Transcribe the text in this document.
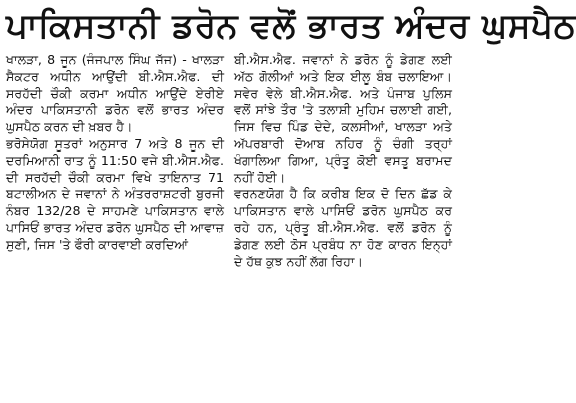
ਪਾਕਿਸਤਾਨੀ ਡਰੋਨ ਵਲੋਂ ਭਾਰਤ ਅੰਦਰ ਘੁਸਪੈਠ

ਖਾਲੜਾ, 8 ਜੂਨ (ਜੰਜਪਾਲ ਸਿੰਘ ਜੱਜ) - ਖਾਲੜਾ ਸੈਕਟਰ ਅਧੀਨ ਆਉਂਦੀ ਬੀ.ਐਸ.ਐਫ. ਦੀ ਸਰਹੱਦੀ ਚੌਕੀ ਕਰਮਾ ਅਧੀਨ ਆਉਂਦੇ ਏਰੀਏ ਅੰਦਰ ਪਾਕਿਸਤਾਨੀ ਡਰੋਨ ਵਲੋਂ ਭਾਰਤ ਅੰਦਰ ਘੁਸਪੈਠ ਕਰਨ ਦੀ ਖ਼ਬਰ ਹੈ।

ਭਰੋਸੇਯੋਗ ਸੂਤਰਾਂ ਅਨੁਸਾਰ 7 ਅਤੇ 8 ਜੂਨ ਦੀ ਦਰਮਿਆਨੀ ਰਾਤ ਨੂੰ 11:50 ਵਜੇ ਬੀ.ਐਸ.ਐਫ. ਦੀ ਸਰਹੱਦੀ ਚੌਕੀ ਕਰਮਾ ਵਿਖੇ ਤਾਇਨਾਤ 71 ਬਟਾਲੀਅਨ ਦੇ ਜਵਾਨਾਂ ਨੇ ਅੰਤਰਰਾਸ਼ਟਰੀ ਬੁਰਜੀ ਨੰਬਰ 132/28 ਦੇ ਸਾਹਮਣੇ ਪਾਕਿਸਤਾਨ ਵਾਲੇ ਪਾਸਿਓਂ ਭਾਰਤ ਅੰਦਰ ਡਰੋਨ ਘੁਸਪੈਠ ਦੀ ਆਵਾਜ਼ ਸੁਣੀ, ਜਿਸ 'ਤੇ ਫੌਰੀ ਕਾਰਵਾਈ ਕਰਦਿਆਂ

ਬੀ.ਐਸ.ਐਫ. ਜਵਾਨਾਂ ਨੇ ਡਰੋਨ ਨੂੰ ਡੇਗਣ ਲਈ ਅੱਠ ਗੋਲੀਆਂ ਅਤੇ ਇਕ ਈਲੂ ਬੰਬ ਚਲਾਇਆ। ਸਵੇਰ ਵੇਲੇ ਬੀ.ਐਸ.ਐਫ. ਅਤੇ ਪੰਜਾਬ ਪੁਲਿਸ ਵਲੋਂ ਸਾਂਝੇ ਤੌਰ 'ਤੇ ਤਲਾਸ਼ੀ ਮੁਹਿਮ ਚਲਾਈ ਗਈ, ਜਿਸ ਵਿਚ ਪਿੰਡ ਦੇਦੇ, ਕਲਸੀਆਂ, ਖਾਲੜਾ ਅਤੇ ਅੱਪਰਬਾਰੀ ਦੋਆਬ ਨਹਿਰ ਨੂੰ ਚੰਗੀ ਤਰ੍ਹਾਂ ਖੰਗਾਲਿਆ ਗਿਆ, ਪ੍ਰੰਤੂ ਕੋਈ ਵਸਤੂ ਬਰਾਮਦ ਨਹੀਂ ਹੋਈ।

ਵਰਨਣਯੋਗ ਹੈ ਕਿ ਕਰੀਬ ਇਕ ਦੋ ਦਿਨ ਛੱਡ ਕੇ ਪਾਕਿਸਤਾਨ ਵਾਲੇ ਪਾਸਿਓਂ ਡਰੋਨ ਘੁਸਪੈਠ ਕਰ ਰਹੇ ਹਨ, ਪ੍ਰੰਤੂ ਬੀ.ਐਸ.ਐਫ. ਵਲੋਂ ਡਰੋਨ ਨੂੰ ਡੇਗਣ ਲਈ ਠੋਸ ਪ੍ਰਬੰਧ ਨਾ ਹੋਣ ਕਾਰਨ ਇਨ੍ਹਾਂ ਦੇ ਹੱਥ ਕੁਝ ਨਹੀਂ ਲੱਗ ਰਿਹਾ।
